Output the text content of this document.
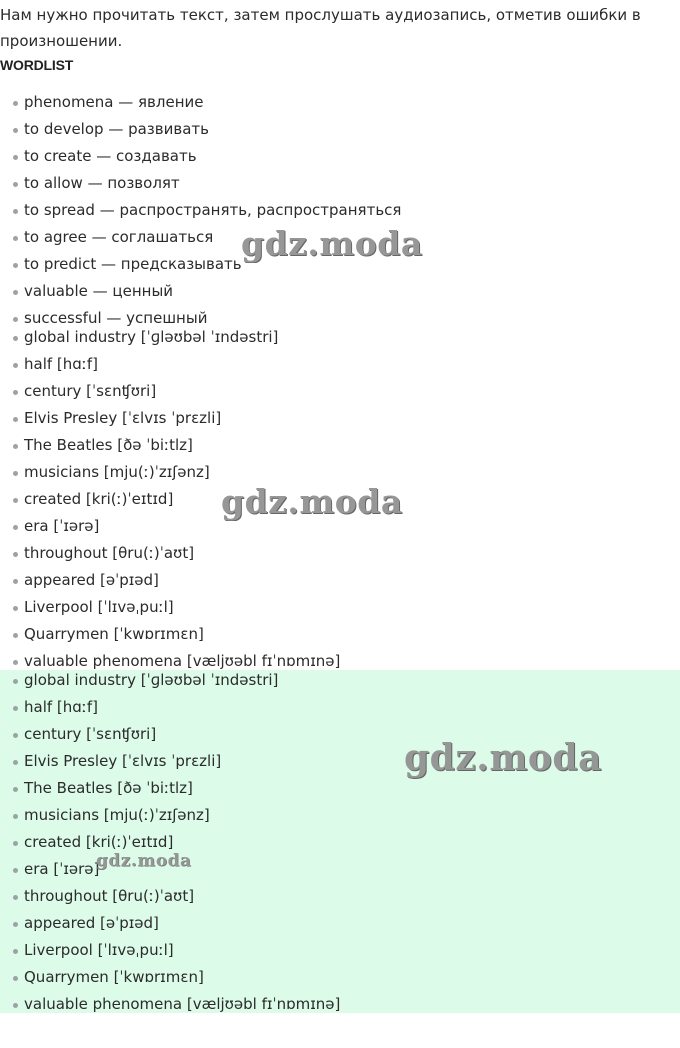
Нам нужно прочитать текст, затем прослушать аудиозапись, отметив ошибки в произношении.

WORDLIST
phenomena — явление
to develop — развивать
to create — создавать
to allow — позволят
to spread — распространять, распространяться
to agree — соглашаться
to predict — предсказывать
valuable — ценный
successful — успешный
global industry [ˈɡləʊbəl ˈɪndəstri]
half [hɑːf]
century [ˈsɛnʧʊri]
Elvis Presley [ˈɛlvɪs ˈprɛzli]
The Beatles [ðə ˈbiːtlz]
musicians [mju(ː)ˈzɪʃənz]
created [kri(ː)ˈeɪtɪd]
era [ˈɪərə]
throughout [θru(ː)ˈaʊt]
appeared [əˈpɪəd]
Liverpool [ˈlɪvəˌpuːl]
Quarrymen [ˈkwɒrɪmɛn]
valuable phenomena [væljʊəbl fɪˈnɒmɪnə]
global industry [ˈɡləʊbəl ˈɪndəstri]
half [hɑːf]
century [ˈsɛnʧʊri]
Elvis Presley [ˈɛlvɪs ˈprɛzli]
The Beatles [ðə ˈbiːtlz]
musicians [mju(ː)ˈzɪʃənz]
created [kri(ː)ˈeɪtɪd]
era [ˈɪərə]
throughout [θru(ː)ˈaʊt]
appeared [əˈpɪəd]
Liverpool [ˈlɪvəˌpuːl]
Quarrymen [ˈkwɒrɪmɛn]
valuable phenomena [væljʊəbl fɪˈnɒmɪnə]
gdz.moda
gdz.moda
gdz.moda
gdz.moda
